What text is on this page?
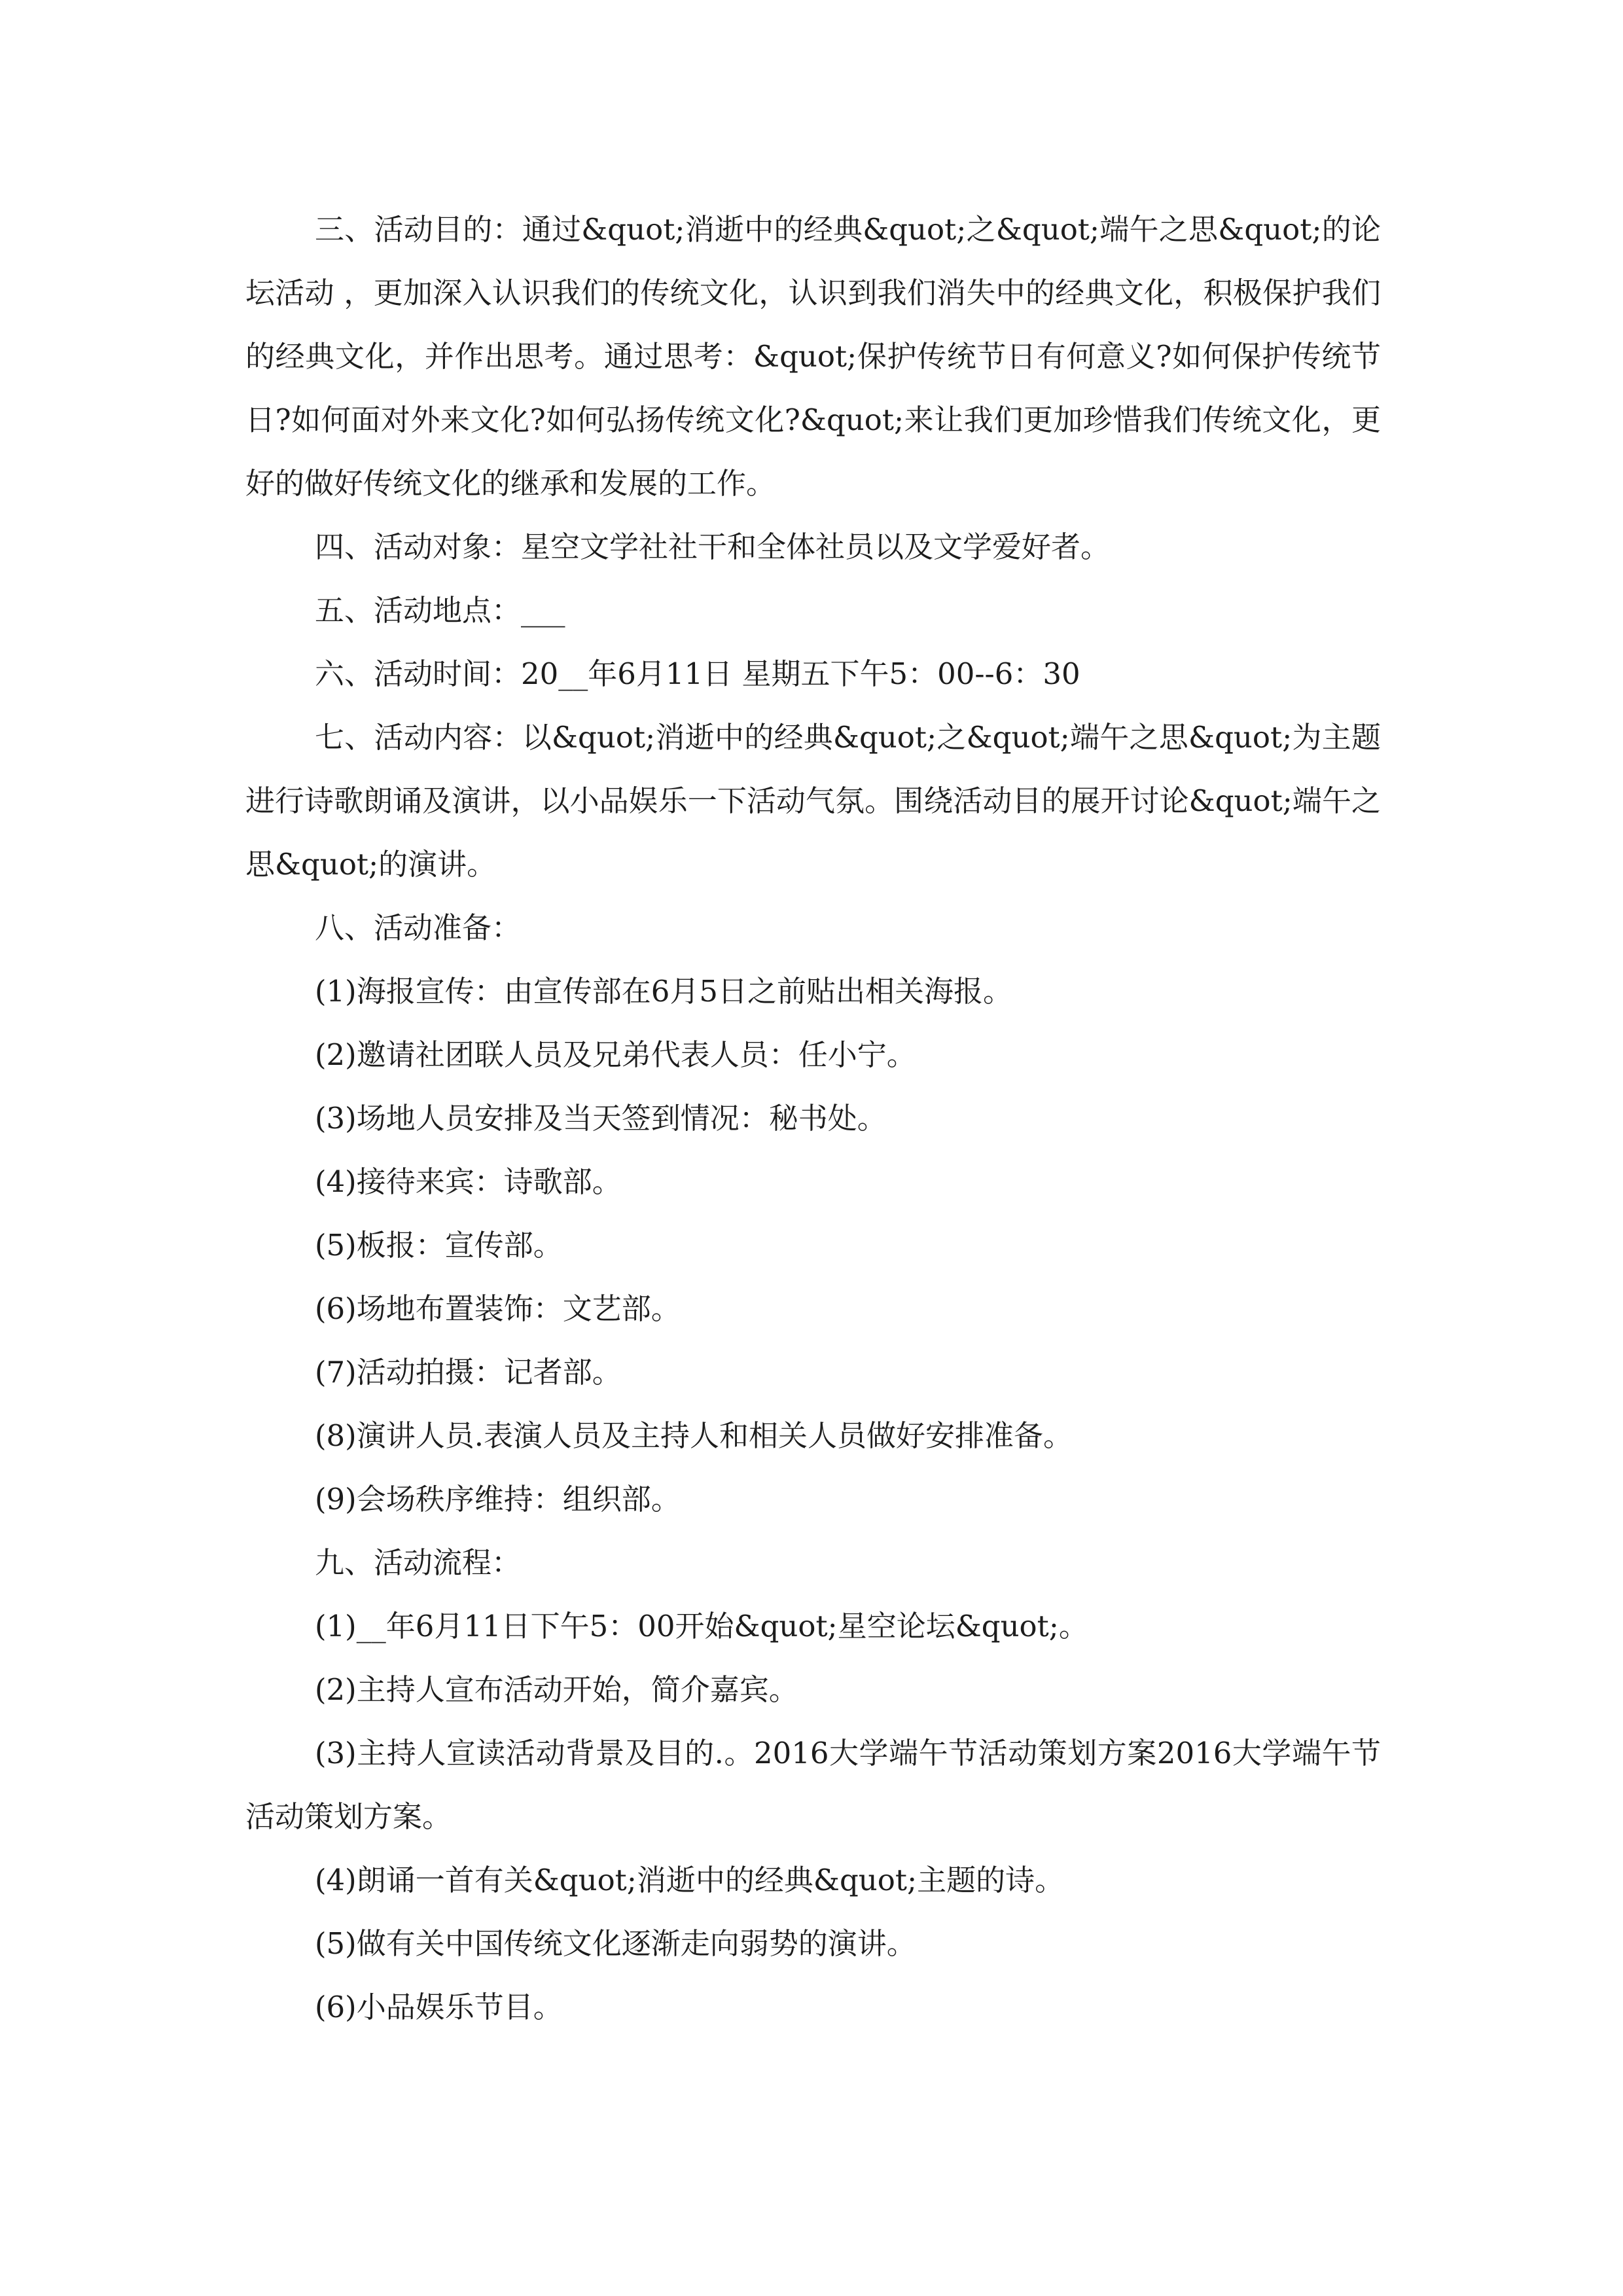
三、活动目的：通过&quot;消逝中的经典&quot;之&quot;端午之思&quot;的论坛活动 ，更加深入认识我们的传统文化，认识到我们消失中的经典文化，积极保护我们的经典文化，并作出思考。通过思考：&quot;保护传统节日有何意义?如何保护传统节日?如何面对外来文化?如何弘扬传统文化?&quot;来让我们更加珍惜我们传统文化，更好的做好传统文化的继承和发展的工作。

四、活动对象：星空文学社社干和全体社员以及文学爱好者。

五、活动地点：___

六、活动时间：20__年6月11日 星期五下午5：00--6：30

七、活动内容：以&quot;消逝中的经典&quot;之&quot;端午之思&quot;为主题进行诗歌朗诵及演讲，以小品娱乐一下活动气氛。围绕活动目的展开讨论&quot;端午之思&quot;的演讲。

八、活动准备：

(1)海报宣传：由宣传部在6月5日之前贴出相关海报。

(2)邀请社团联人员及兄弟代表人员：任小宁。

(3)场地人员安排及当天签到情况：秘书处。

(4)接待来宾：诗歌部。

(5)板报：宣传部。

(6)场地布置装饰：文艺部。

(7)活动拍摄：记者部。

(8)演讲人员.表演人员及主持人和相关人员做好安排准备。

(9)会场秩序维持：组织部。

九、活动流程：

(1)__年6月11日下午5：00开始&quot;星空论坛&quot;。

(2)主持人宣布活动开始，简介嘉宾。

(3)主持人宣读活动背景及目的.。2016大学端午节活动策划方案2016大学端午节活动策划方案。

(4)朗诵一首有关&quot;消逝中的经典&quot;主题的诗。

(5)做有关中国传统文化逐渐走向弱势的演讲。

(6)小品娱乐节目。
